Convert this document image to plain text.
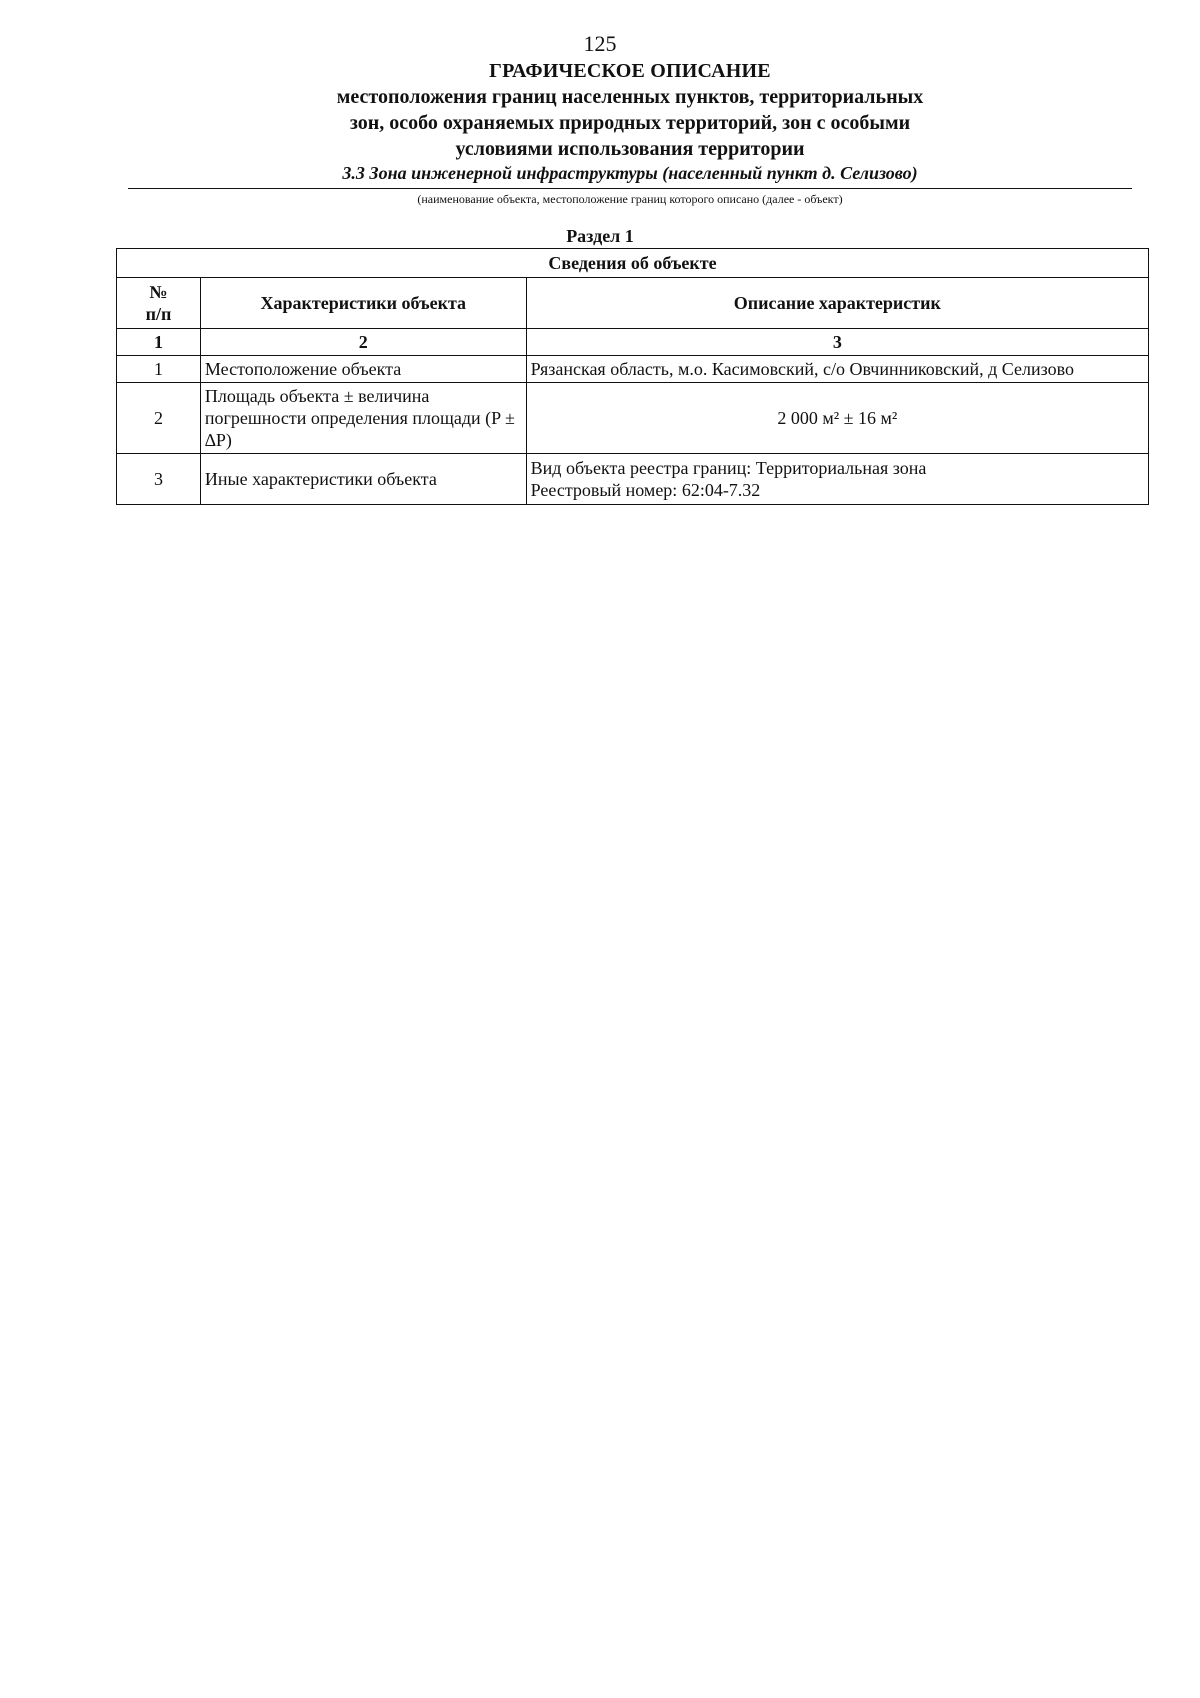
125
ГРАФИЧЕСКОЕ ОПИСАНИЕ
местоположения границ населенных пунктов, территориальных
зон, особо охраняемых природных территорий, зон с особыми
условиями использования территории
3.3 Зона инженерной инфраструктуры (населенный пункт д. Селизово)
(наименование объекта, местоположение границ которого описано (далее - объект)
Раздел 1
Сведения об объекте		
№
п/п	Характеристики объекта	Описание характеристик
1	2	3
1	Местоположение объекта	Рязанская область, м.о. Касимовский, с/о Овчинниковский, д Селизово

2	Площадь объекта ± величина погрешности определения площади (P ± ∆P)	2 000 м² ± 16 м²

3	Иные характеристики объекта	Вид объекта реестра границ: Территориальная зона
Реестровый номер: 62:04-7.32
